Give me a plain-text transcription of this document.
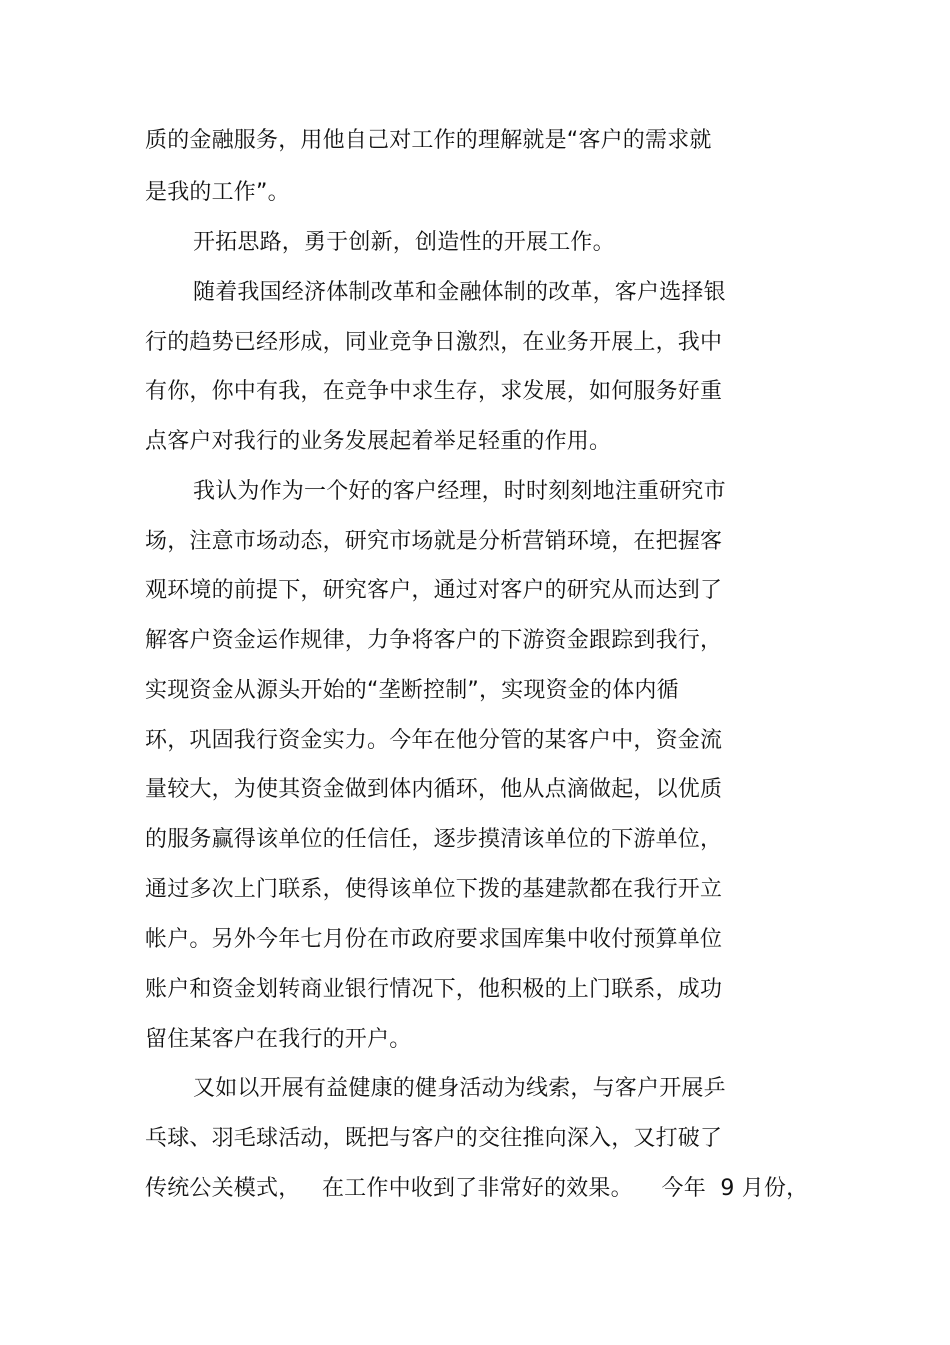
质的金融服务，用他自己对工作的理解就是“客户的需求就
是我的工作”。
开拓思路，勇于创新，创造性的开展工作。
随着我国经济体制改革和金融体制的改革，客户选择银
行的趋势已经形成，同业竞争日激烈，在业务开展上，我中
有你，你中有我，在竞争中求生存，求发展，如何服务好重
点客户对我行的业务发展起着举足轻重的作用。
我认为作为一个好的客户经理，时时刻刻地注重研究市
场，注意市场动态，研究市场就是分析营销环境，在把握客
观环境的前提下，研究客户，通过对客户的研究从而达到了
解客户资金运作规律，力争将客户的下游资金跟踪到我行，
实现资金从源头开始的“垄断控制”，实现资金的体内循
环，巩固我行资金实力。今年在他分管的某客户中，资金流
量较大，为使其资金做到体内循环，他从点滴做起，以优质
的服务赢得该单位的任信任，逐步摸清该单位的下游单位，
通过多次上门联系，使得该单位下拨的基建款都在我行开立
帐户。另外今年七月份在市政府要求国库集中收付预算单位
账户和资金划转商业银行情况下，他积极的上门联系，成功
留住某客户在我行的开户。
又如以开展有益健康的健身活动为线索，与客户开展乒
乓球、羽毛球活动，既把与客户的交往推向深入，又打破了
传统公关模式，   在工作中收到了非常好的效果。    今年  9 月份，
